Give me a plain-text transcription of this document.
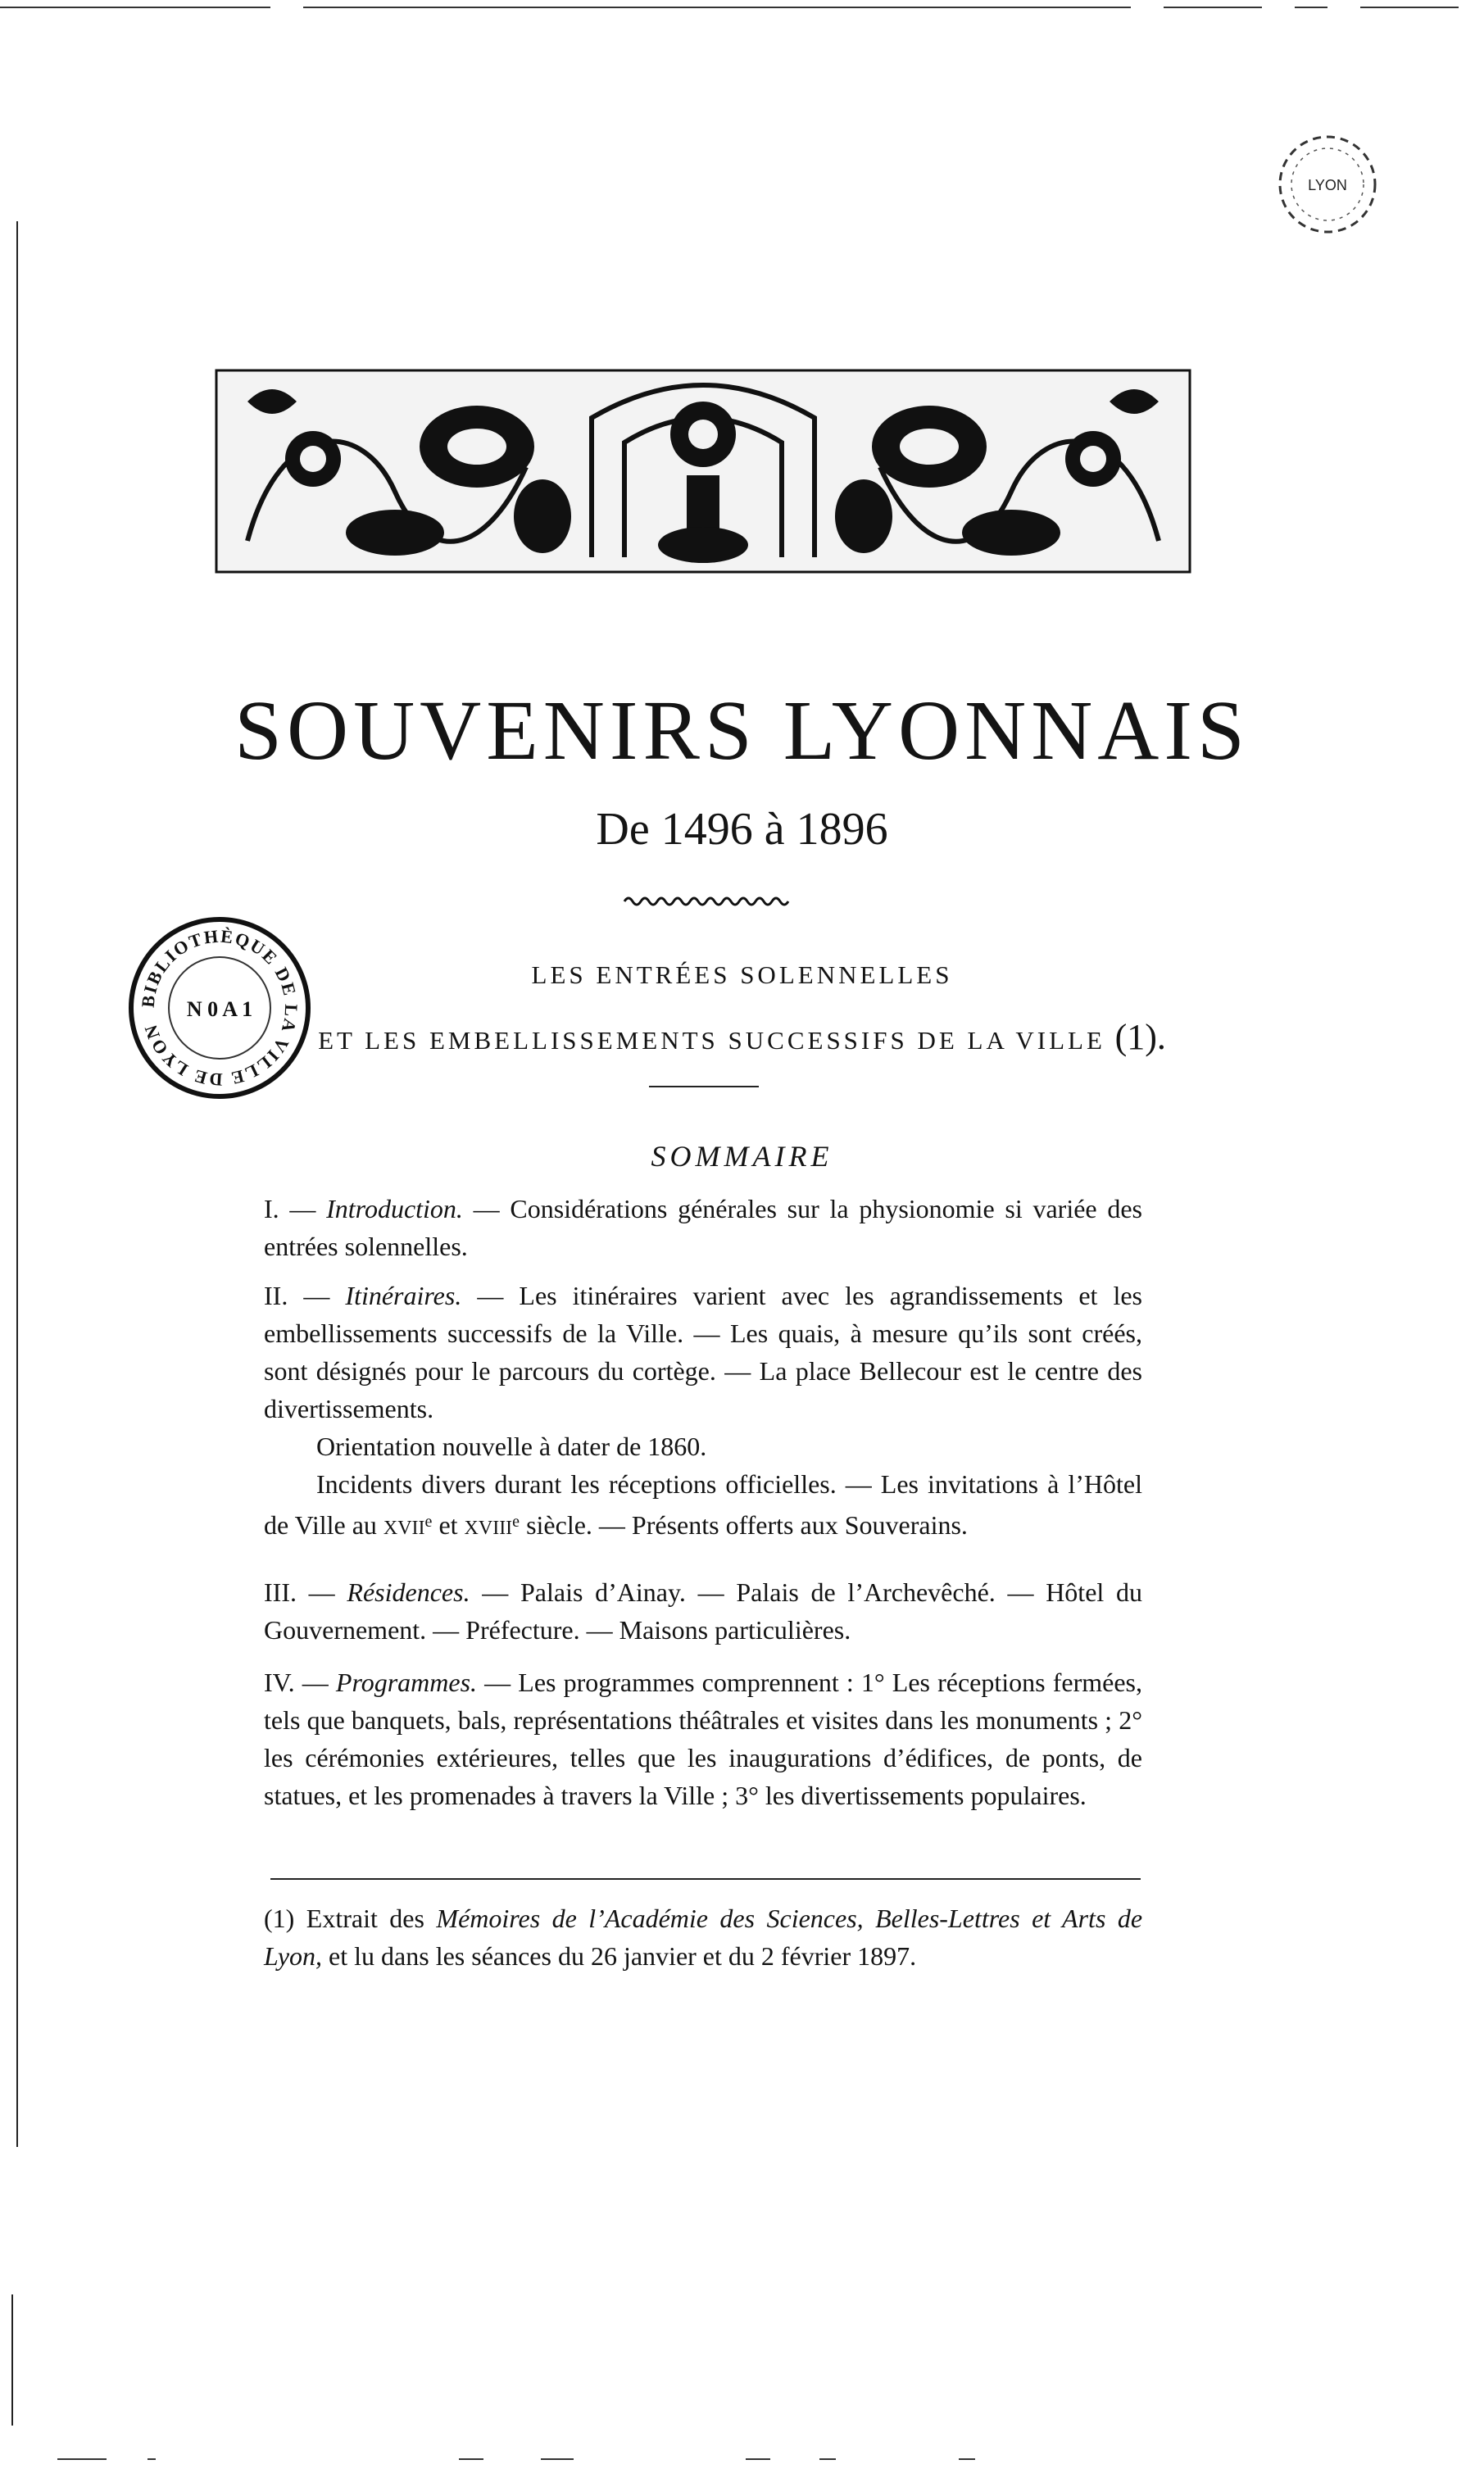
LYON
SOUVENIRS LYONNAIS
De 1496 à 1896
LES ENTRÉES SOLENNELLES
ET LES EMBELLISSEMENTS SUCCESSIFS DE LA VILLE (1).
BIBLIOTHÈQUE DE LA VILLE DE LYON
N 0 A 1
SOMMAIRE
I. — Introduction. — Considérations générales sur la physionomie si variée des entrées solennelles.
II. — Itinéraires. — Les itinéraires varient avec les agrandissements et les embellissements successifs de la Ville. — Les quais, à mesure qu’ils sont créés, sont désignés pour le parcours du cortège. — La place Bellecour est le centre des divertissements.
Orientation nouvelle à dater de 1860.
Incidents divers durant les réceptions officielles. — Les invitations à l’Hôtel de Ville au XVIIe et XVIIIe siècle. — Présents offerts aux Souverains.
III. — Résidences. — Palais d’Ainay. — Palais de l’Archevêché. — Hôtel du Gouvernement. — Préfecture. — Maisons particulières.
IV. — Programmes. — Les programmes comprennent : 1° Les réceptions fermées, tels que banquets, bals, représentations théâtrales et visites dans les monuments ; 2° les cérémonies extérieures, telles que les inaugurations d’édifices, de ponts, de statues, et les promenades à travers la Ville ; 3° les divertissements populaires.
(1) Extrait des Mémoires de l’Académie des Sciences, Belles-Lettres et Arts de Lyon, et lu dans les séances du 26 janvier et du 2 février 1897.
